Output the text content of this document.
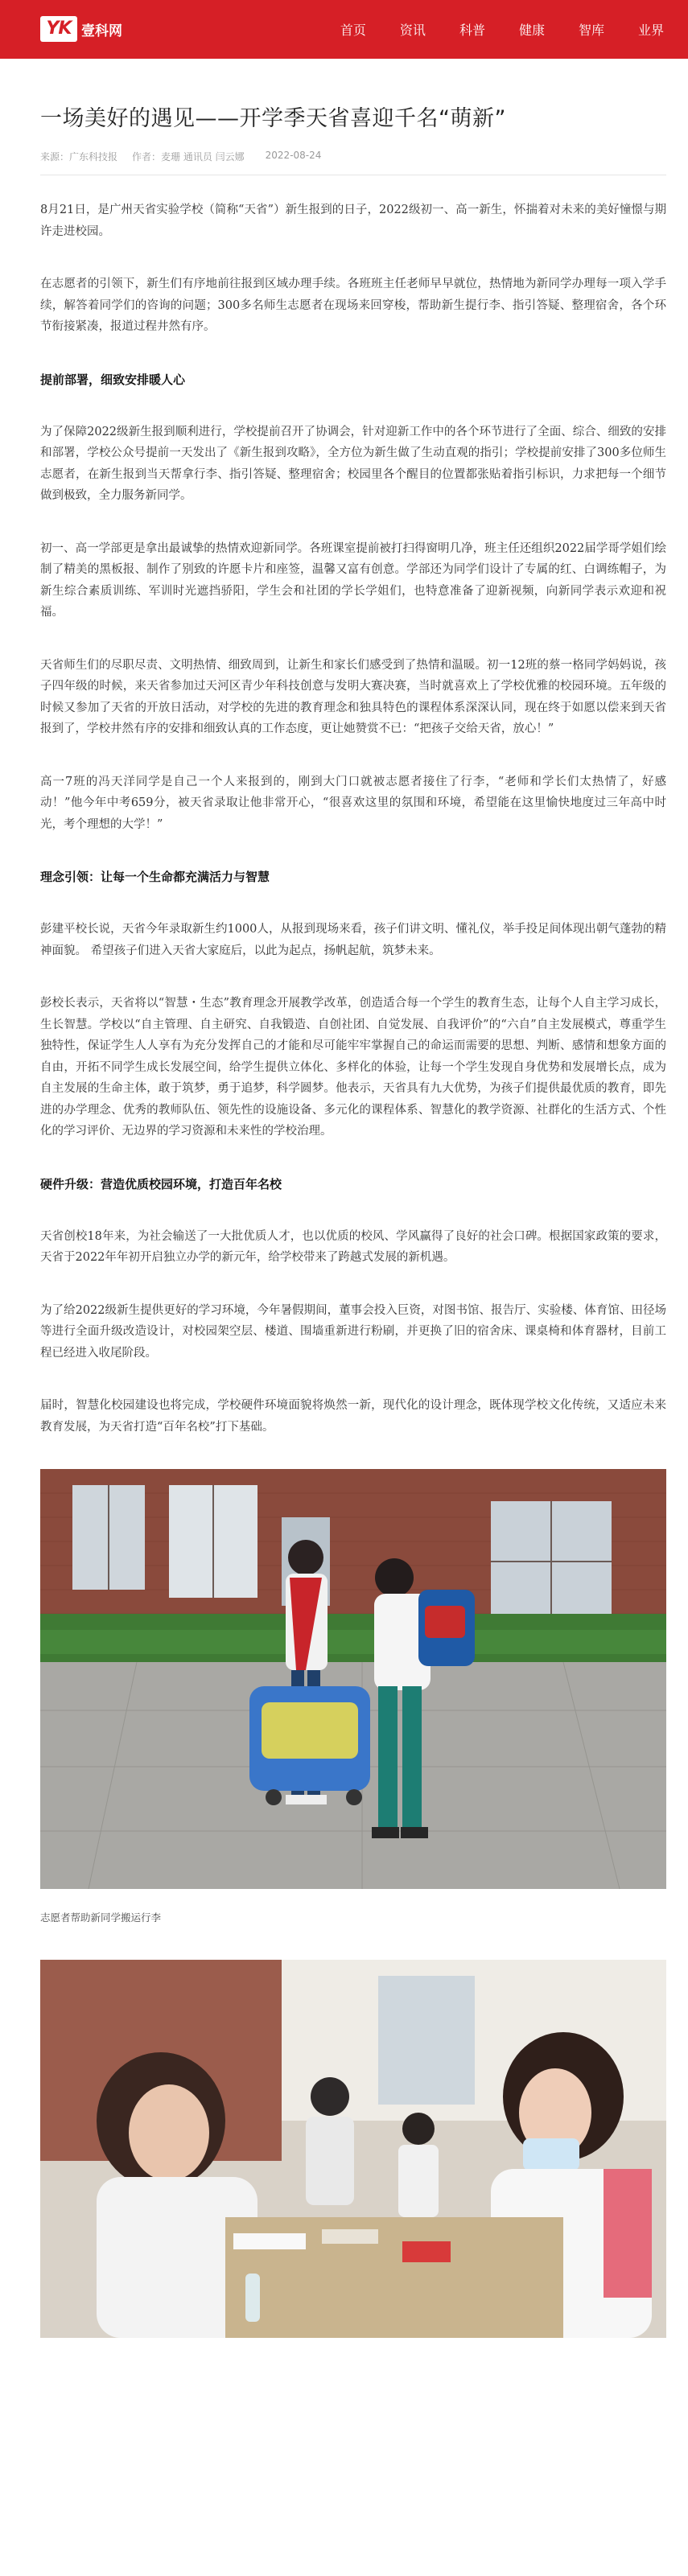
YK 壹科网	首页	资讯	科普	健康	智库	业界
一场美好的遇见——开学季天省喜迎千名“萌新”
来源：广东科技报 作者：麦珊 通讯员 闫云娜 2022-08-24

8月21日，是广州天省实验学校（简称“天省”）新生报到的日子，2022级初一、高一新生，怀揣着对未来的美好憧憬与期许走进校园。

在志愿者的引领下，新生们有序地前往报到区域办理手续。各班班主任老师早早就位，热情地为新同学办理每一项入学手续，解答着同学们的咨询的问题；300多名师生志愿者在现场来回穿梭，帮助新生提行李、指引答疑、整理宿舍，各个环节衔接紧凑，报道过程井然有序。

提前部署，细致安排暖人心

为了保障2022级新生报到顺利进行，学校提前召开了协调会，针对迎新工作中的各个环节进行了全面、综合、细致的安排和部署，学校公众号提前一天发出了《新生报到攻略》，全方位为新生做了生动直观的指引；学校提前安排了300多位师生志愿者，在新生报到当天帮拿行李、指引答疑、整理宿舍；校园里各个醒目的位置都张贴着指引标识，力求把每一个细节做到极致，全力服务新同学。

初一、高一学部更是拿出最诚挚的热情欢迎新同学。各班课室提前被打扫得窗明几净，班主任还组织2022届学哥学姐们绘制了精美的黑板报、制作了别致的许愿卡片和座签，温馨又富有创意。学部还为同学们设计了专属的红、白调练帽子，为新生综合素质训练、军训时光遮挡骄阳，学生会和社团的学长学姐们，也特意准备了迎新视频，向新同学表示欢迎和祝福。

天省师生们的尽职尽责、文明热情、细致周到，让新生和家长们感受到了热情和温暖。初一12班的蔡一格同学妈妈说，孩子四年级的时候，来天省参加过天河区青少年科技创意与发明大赛决赛，当时就喜欢上了学校优雅的校园环境。五年级的时候又参加了天省的开放日活动，对学校的先进的教育理念和独具特色的课程体系深深认同，现在终于如愿以偿来到天省报到了，学校井然有序的安排和细致认真的工作态度，更让她赞赏不已：“把孩子交给天省，放心！”

高一7班的冯天洋同学是自己一个人来报到的，刚到大门口就被志愿者接住了行李，“老师和学长们太热情了，好感动！”他今年中考659分，被天省录取让他非常开心，“很喜欢这里的氛围和环境，希望能在这里愉快地度过三年高中时光，考个理想的大学！”

理念引领：让每一个生命都充满活力与智慧

彭建平校长说，天省今年录取新生约1000人，从报到现场来看，孩子们讲文明、懂礼仪，举手投足间体现出朝气蓬勃的精神面貌。 希望孩子们进入天省大家庭后，以此为起点，扬帆起航，筑梦未来。

彭校长表示，天省将以“智慧・生态”教育理念开展教学改革，创造适合每一个学生的教育生态，让每个人自主学习成长，生长智慧。学校以“自主管理、自主研究、自我锻造、自创社团、自觉发展、自我评价”的“六自”自主发展模式，尊重学生独特性，保证学生人人享有为充分发挥自己的才能和尽可能牢牢掌握自己的命运而需要的思想、判断、感情和想象方面的自由，开拓不同学生成长发展空间，给学生提供立体化、多样化的体验，让每一个学生发现自身优势和发展增长点，成为自主发展的生命主体，敢于筑梦，勇于追梦，科学圆梦。他表示，天省具有九大优势，为孩子们提供最优质的教育，即先进的办学理念、优秀的教师队伍、领先性的设施设备、多元化的课程体系、智慧化的教学资源、社群化的生活方式、个性化的学习评价、无边界的学习资源和未来性的学校治理。

硬件升级：营造优质校园环境，打造百年名校

天省创校18年来，为社会输送了一大批优质人才，也以优质的校风、学风赢得了良好的社会口碑。根据国家政策的要求，天省于2022年年初开启独立办学的新元年，给学校带来了跨越式发展的新机遇。

为了给2022级新生提供更好的学习环境，今年暑假期间，董事会投入巨资，对图书馆、报告厅、实验楼、体育馆、田径场等进行全面升级改造设计，对校园架空层、楼道、围墙重新进行粉刷，并更换了旧的宿舍床、课桌椅和体育器材，目前工程已经进入收尾阶段。

届时，智慧化校园建设也将完成，学校硬件环境面貌将焕然一新，现代化的设计理念，既体现学校文化传统，又适应未来教育发展，为天省打造“百年名校”打下基础。

志愿者帮助新同学搬运行李
